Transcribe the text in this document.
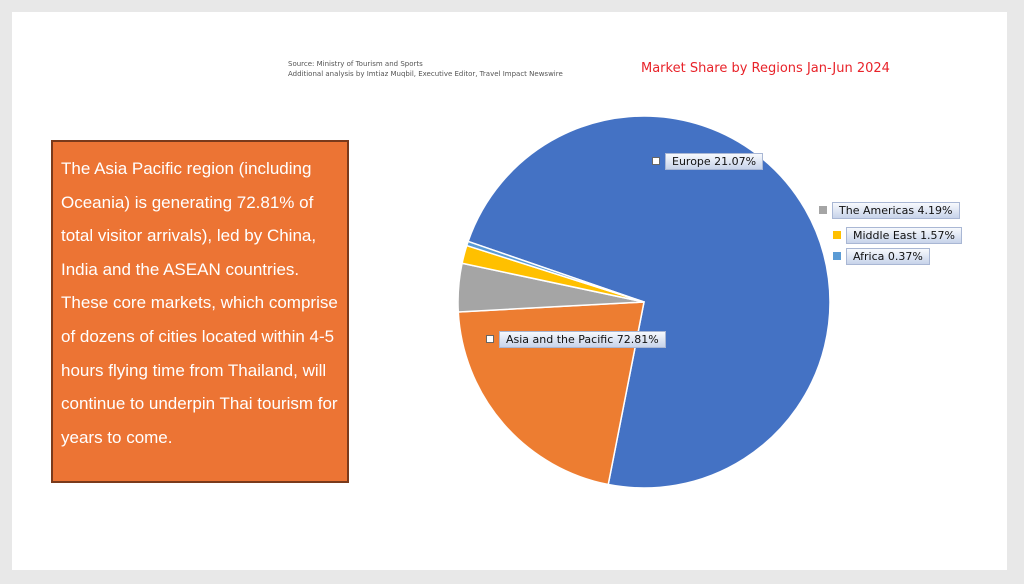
Source: Ministry of Tourism and Sports
Additional analysis by Imtiaz Muqbil, Executive Editor, Travel Impact Newswire	Market Share by Regions Jan-Jun 2024
The Asia Pacific region (including Oceania) is generating 72.81% of total visitor arrivals), led by China, India and the ASEAN countries. These core markets, which comprise of dozens of cities located within 4-5 hours flying time from Thailand, will continue to underpin Thai tourism for years to come.
Asia and the Pacific 72.81%
Europe 21.07%
The Americas 4.19%
Middle East 1.57%
Africa 0.37%
